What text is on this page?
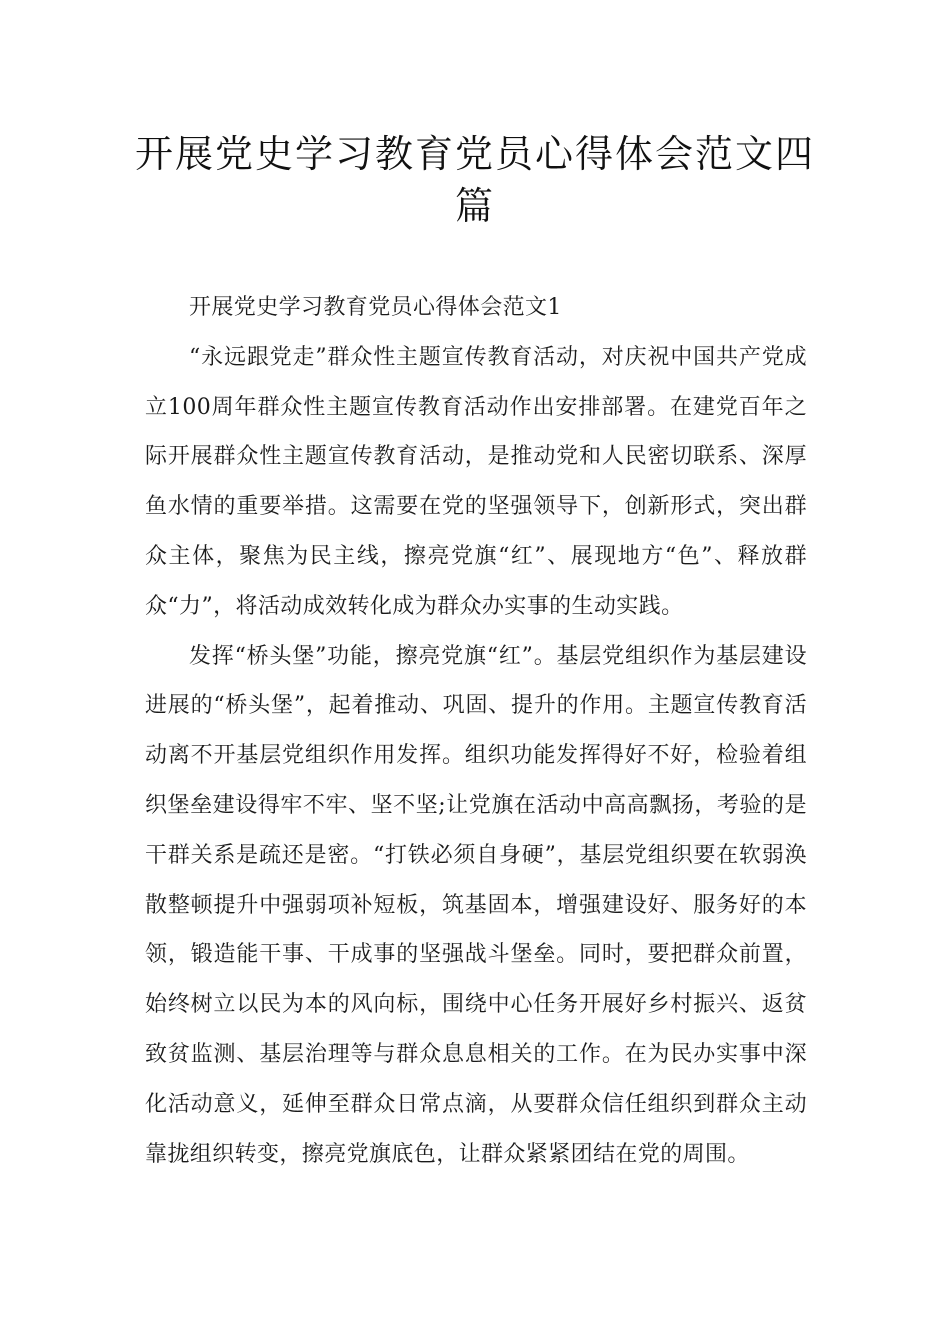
开展党史学习教育党员心得体会范文四篇

开展党史学习教育党员心得体会范文1

“永远跟党走”群众性主题宣传教育活动，对庆祝中国共产党成立100周年群众性主题宣传教育活动作出安排部署。在建党百年之际开展群众性主题宣传教育活动，是推动党和人民密切联系、深厚鱼水情的重要举措。这需要在党的坚强领导下，创新形式，突出群众主体，聚焦为民主线，擦亮党旗“红”、展现地方“色”、释放群众“力”，将活动成效转化成为群众办实事的生动实践。

发挥“桥头堡”功能，擦亮党旗“红”。基层党组织作为基层建设进展的“桥头堡”，起着推动、巩固、提升的作用。主题宣传教育活动离不开基层党组织作用发挥。组织功能发挥得好不好，检验着组织堡垒建设得牢不牢、坚不坚;让党旗在活动中高高飘扬，考验的是干群关系是疏还是密。“打铁必须自身硬”，基层党组织要在软弱涣散整顿提升中强弱项补短板，筑基固本，增强建设好、服务好的本领，锻造能干事、干成事的坚强战斗堡垒。同时，要把群众前置，始终树立以民为本的风向标，围绕中心任务开展好乡村振兴、返贫致贫监测、基层治理等与群众息息相关的工作。在为民办实事中深化活动意义，延伸至群众日常点滴，从要群众信任组织到群众主动靠拢组织转变，擦亮党旗底色，让群众紧紧团结在党的周围。
